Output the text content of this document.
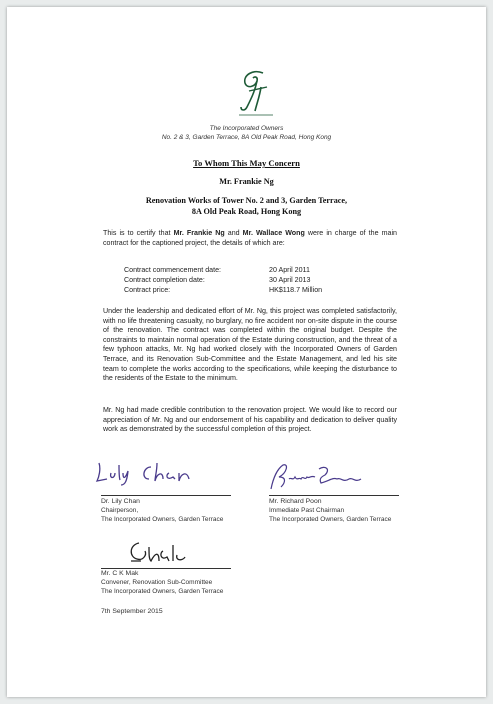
The Incorporated Owners
No. 2 & 3, Garden Terrace, 8A Old Peak Road, Hong Kong
To Whom This May Concern
Mr. Frankie Ng
Renovation Works of Tower No. 2 and 3, Garden Terrace,
8A Old Peak Road, Hong Kong
This is to certify that Mr. Frankie Ng and Mr. Wallace Wong were in charge of the main contract for the captioned project, the details of which are:
Contract commencement date:	20 April 2011
Contract completion date:	30 April 2013
Contract price:	HK$118.7 Million
Under the leadership and dedicated effort of Mr. Ng, this project was completed satisfactorily, with no life threatening casualty, no burglary, no fire accident nor on-site dispute in the course of the renovation. The contract was completed within the original budget. Despite the constraints to maintain normal operation of the Estate during construction, and the threat of a few typhoon attacks, Mr. Ng had worked closely with the Incorporated Owners of Garden Terrace, and its Renovation Sub-Committee and the Estate Management, and led his site team to complete the works according to the specifications, while keeping the disturbance to the residents of the Estate to the minimum.
Mr. Ng had made credible contribution to the renovation project. We would like to record our appreciation of Mr. Ng and our endorsement of his capability and dedication to deliver quality work as demonstrated by the successful completion of this project.
Dr. Lily Chan
Chairperson,
The Incorporated Owners, Garden Terrace
Mr. Richard Poon
Immediate Past Chairman
The Incorporated Owners, Garden Terrace
Mr. C K Mak
Convener, Renovation Sub-Committee
The Incorporated Owners, Garden Terrace
7th September 2015
